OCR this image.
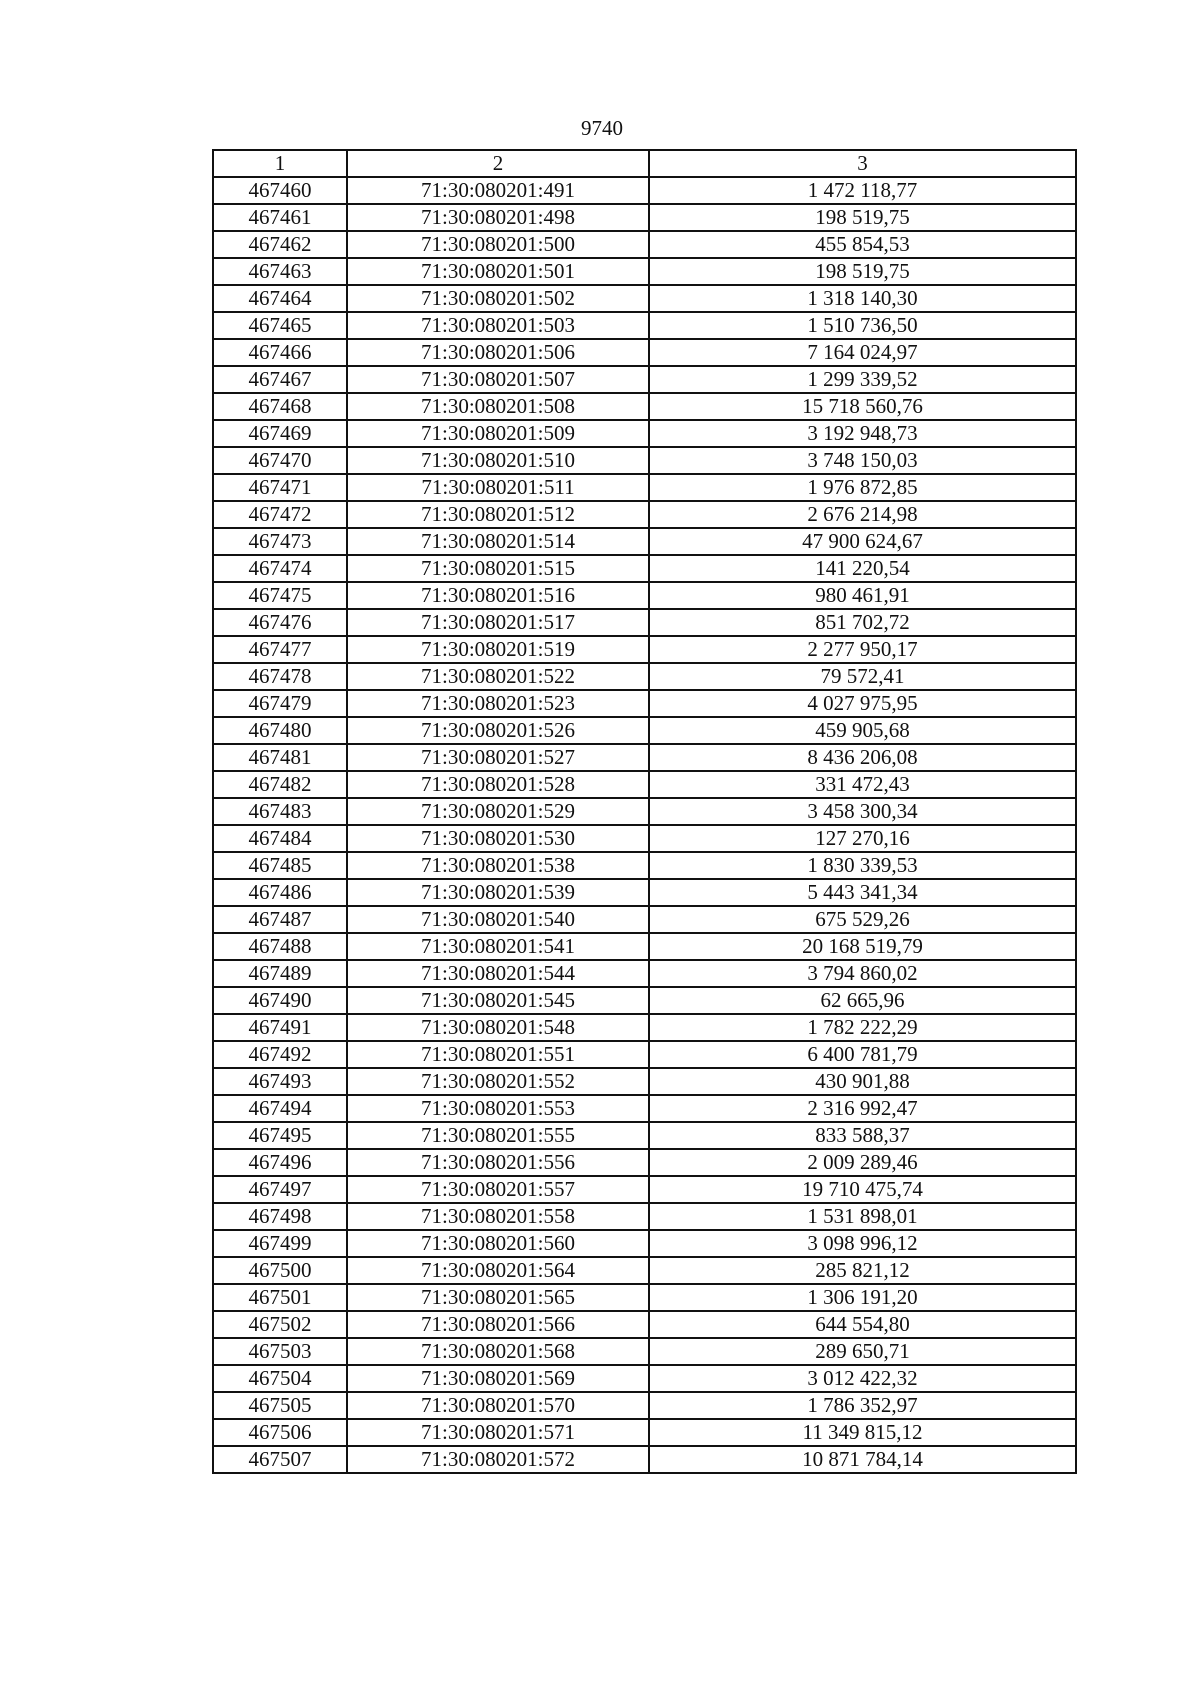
9740
1	2	3
467460	71:30:080201:491	1 472 118,77
467461	71:30:080201:498	198 519,75
467462	71:30:080201:500	455 854,53
467463	71:30:080201:501	198 519,75
467464	71:30:080201:502	1 318 140,30
467465	71:30:080201:503	1 510 736,50
467466	71:30:080201:506	7 164 024,97
467467	71:30:080201:507	1 299 339,52
467468	71:30:080201:508	15 718 560,76
467469	71:30:080201:509	3 192 948,73
467470	71:30:080201:510	3 748 150,03
467471	71:30:080201:511	1 976 872,85
467472	71:30:080201:512	2 676 214,98
467473	71:30:080201:514	47 900 624,67
467474	71:30:080201:515	141 220,54
467475	71:30:080201:516	980 461,91
467476	71:30:080201:517	851 702,72
467477	71:30:080201:519	2 277 950,17
467478	71:30:080201:522	79 572,41
467479	71:30:080201:523	4 027 975,95
467480	71:30:080201:526	459 905,68
467481	71:30:080201:527	8 436 206,08
467482	71:30:080201:528	331 472,43
467483	71:30:080201:529	3 458 300,34
467484	71:30:080201:530	127 270,16
467485	71:30:080201:538	1 830 339,53
467486	71:30:080201:539	5 443 341,34
467487	71:30:080201:540	675 529,26
467488	71:30:080201:541	20 168 519,79
467489	71:30:080201:544	3 794 860,02
467490	71:30:080201:545	62 665,96
467491	71:30:080201:548	1 782 222,29
467492	71:30:080201:551	6 400 781,79
467493	71:30:080201:552	430 901,88
467494	71:30:080201:553	2 316 992,47
467495	71:30:080201:555	833 588,37
467496	71:30:080201:556	2 009 289,46
467497	71:30:080201:557	19 710 475,74
467498	71:30:080201:558	1 531 898,01
467499	71:30:080201:560	3 098 996,12
467500	71:30:080201:564	285 821,12
467501	71:30:080201:565	1 306 191,20
467502	71:30:080201:566	644 554,80
467503	71:30:080201:568	289 650,71
467504	71:30:080201:569	3 012 422,32
467505	71:30:080201:570	1 786 352,97
467506	71:30:080201:571	11 349 815,12
467507	71:30:080201:572	10 871 784,14
